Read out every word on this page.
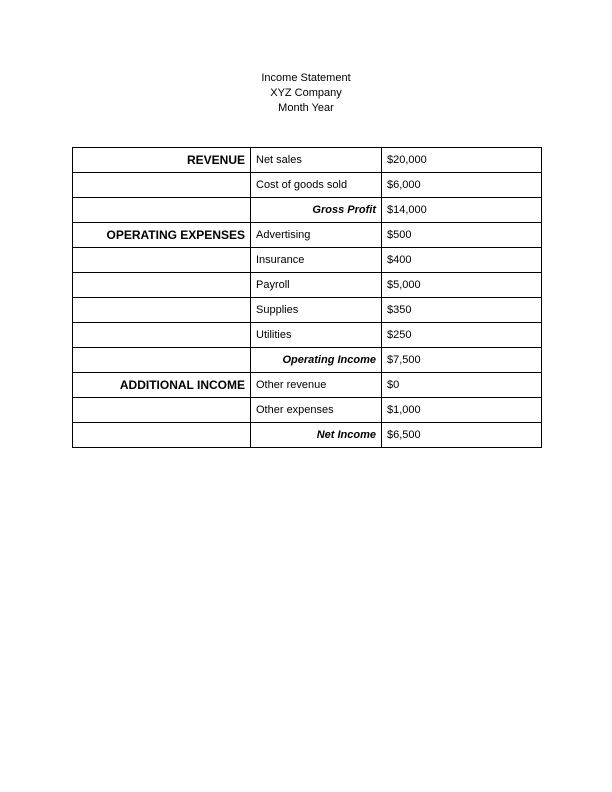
Income Statement
XYZ Company
Month Year
REVENUE	Net sales	$20,000
	Cost of goods sold	$6,000
	Gross Profit	$14,000
OPERATING EXPENSES	Advertising	$500
	Insurance	$400
	Payroll	$5,000
	Supplies	$350
	Utilities	$250
	Operating Income	$7,500
ADDITIONAL INCOME	Other revenue	$0
	Other expenses	$1,000
	Net Income	$6,500
